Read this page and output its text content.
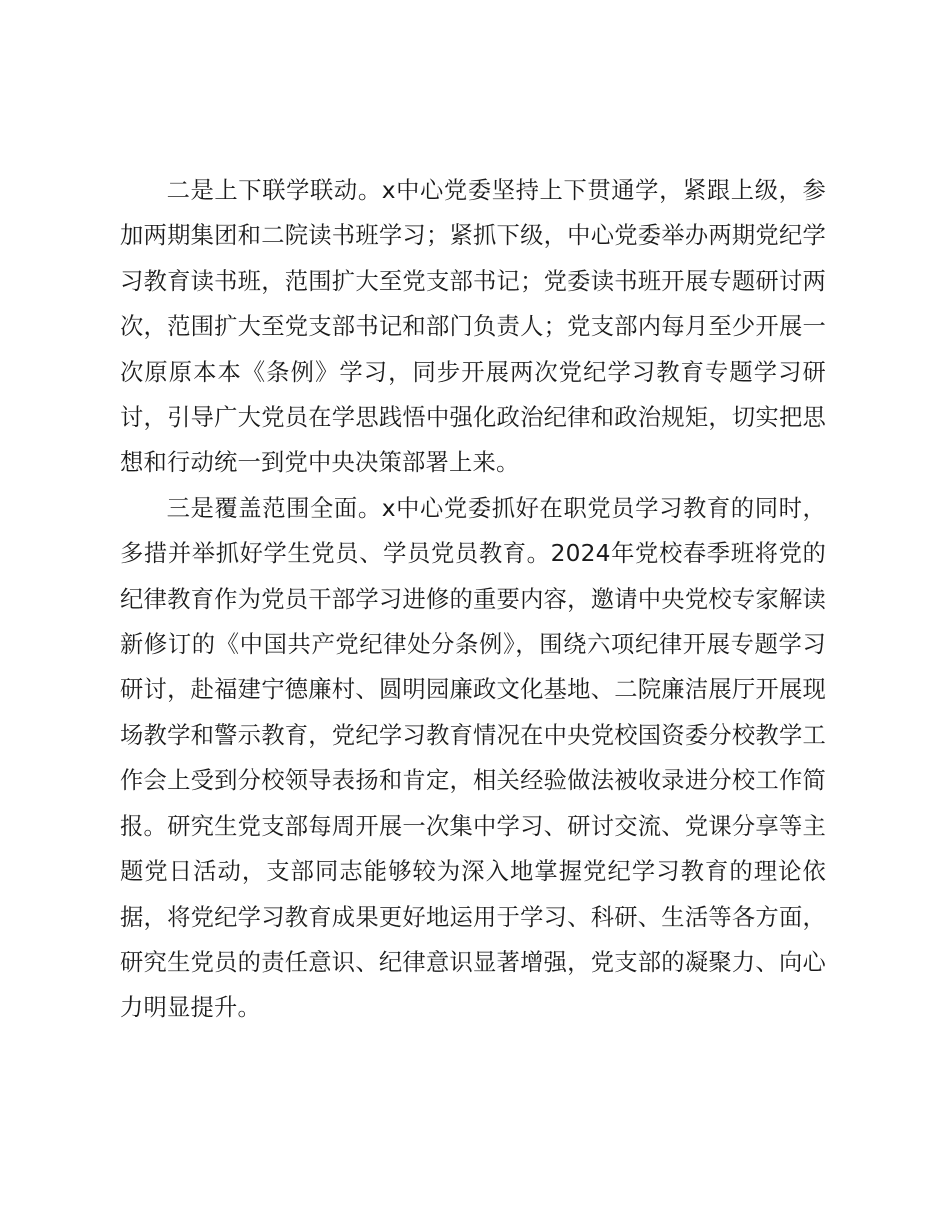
二是上下联学联动。x中心党委坚持上下贯通学，紧跟上级，参加两期集团和二院读书班学习；紧抓下级，中心党委举办两期党纪学习教育读书班，范围扩大至党支部书记；党委读书班开展专题研讨两次，范围扩大至党支部书记和部门负责人；党支部内每月至少开展一次原原本本《条例》学习，同步开展两次党纪学习教育专题学习研讨，引导广大党员在学思践悟中强化政治纪律和政治规矩，切实把思想和行动统一到党中央决策部署上来。

三是覆盖范围全面。x中心党委抓好在职党员学习教育的同时，多措并举抓好学生党员、学员党员教育。2024年党校春季班将党的纪律教育作为党员干部学习进修的重要内容，邀请中央党校专家解读新修订的《中国共产党纪律处分条例》，围绕六项纪律开展专题学习研讨，赴福建宁德廉村、圆明园廉政文化基地、二院廉洁展厅开展现场教学和警示教育，党纪学习教育情况在中央党校国资委分校教学工作会上受到分校领导表扬和肯定，相关经验做法被收录进分校工作简报。研究生党支部每周开展一次集中学习、研讨交流、党课分享等主题党日活动，支部同志能够较为深入地掌握党纪学习教育的理论依据，将党纪学习教育成果更好地运用于学习、科研、生活等各方面，研究生党员的责任意识、纪律意识显著增强，党支部的凝聚力、向心力明显提升。
